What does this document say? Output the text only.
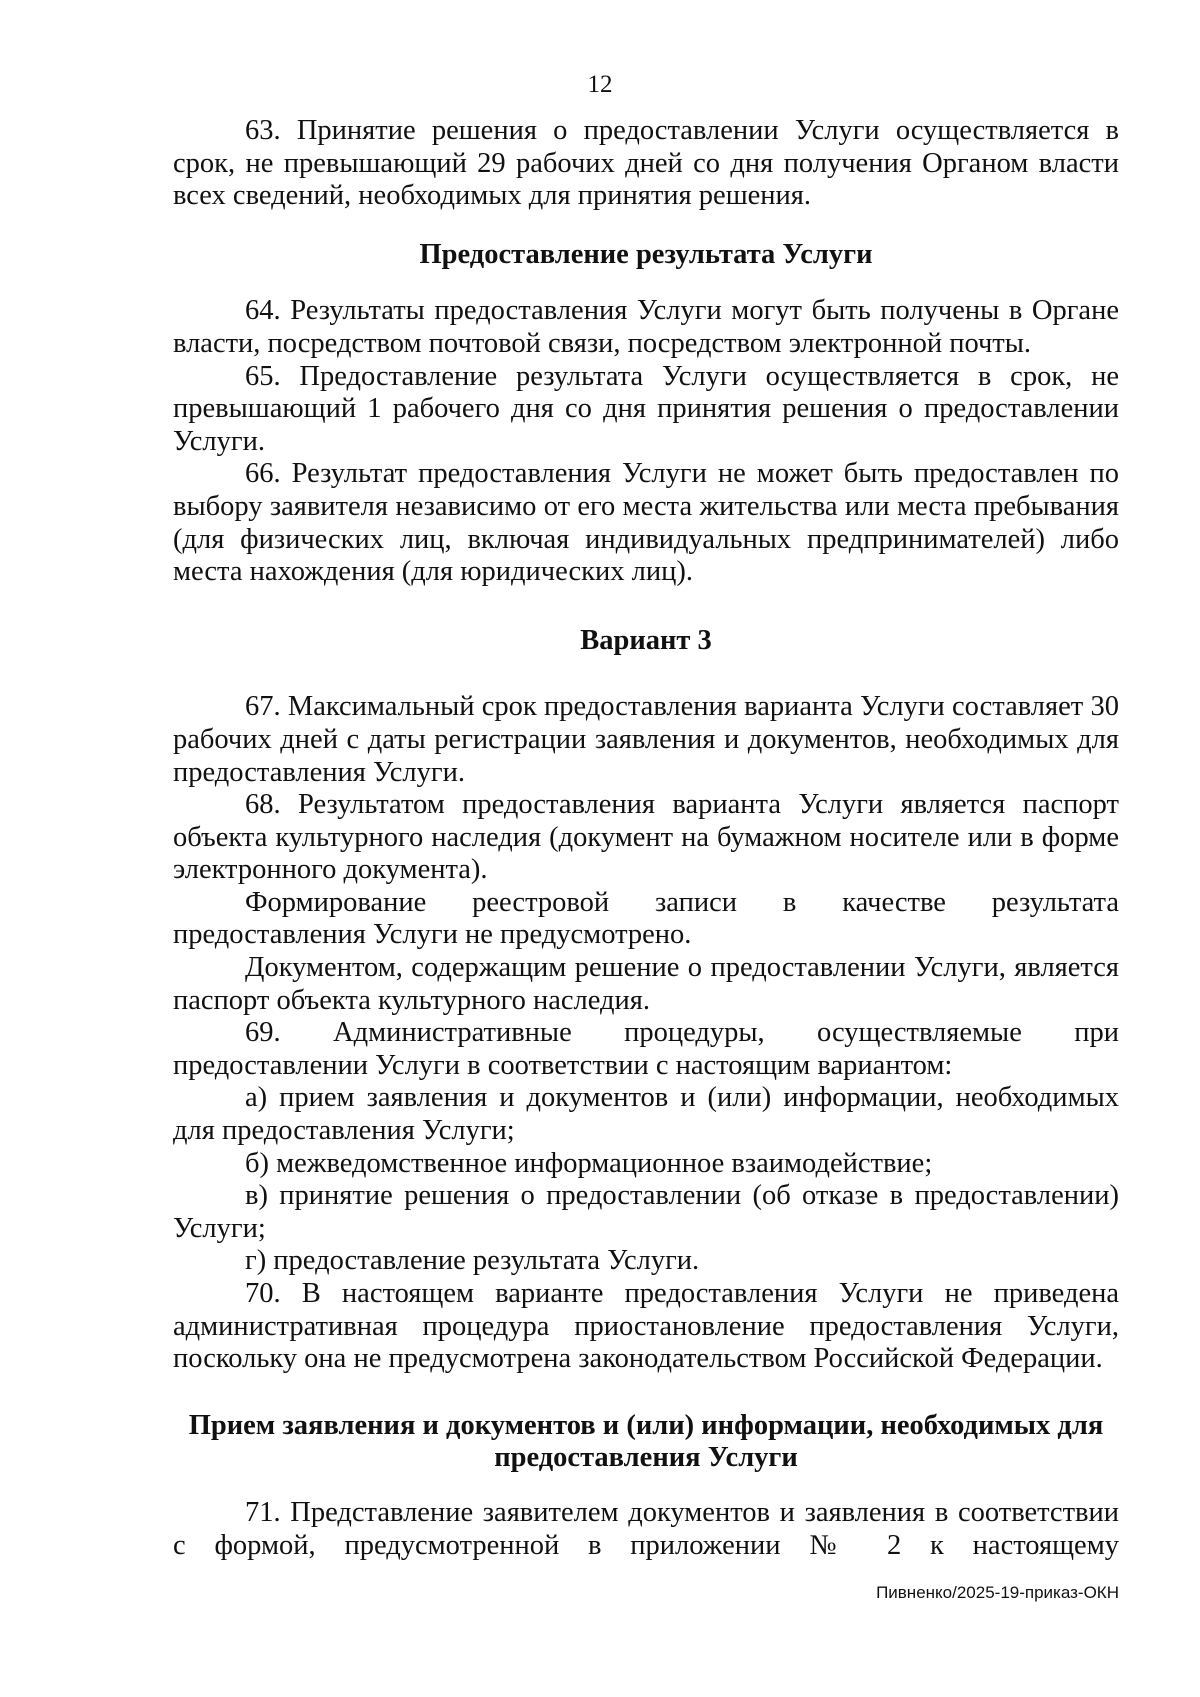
12

63. Принятие решения о предоставлении Услуги осуществляется в срок, не превышающий 29 рабочих дней со дня получения Органом власти всех сведений, необходимых для принятия решения.

Предоставление результата Услуги

64. Результаты предоставления Услуги могут быть получены в Органе власти, посредством почтовой связи, посредством электронной почты.

65. Предоставление результата Услуги осуществляется в срок, не превышающий 1 рабочего дня со дня принятия решения о предоставлении Услуги.

66. Результат предоставления Услуги не может быть предоставлен по выбору заявителя независимо от его места жительства или места пребывания (для физических лиц, включая индивидуальных предпринимателей) либо места нахождения (для юридических лиц).

Вариант 3

67. Максимальный срок предоставления варианта Услуги составляет 30 рабочих дней с даты регистрации заявления и документов, необходимых для предоставления Услуги.

68. Результатом предоставления варианта Услуги является паспорт объекта культурного наследия (документ на бумажном носителе или в форме электронного документа).

Формирование реестровой записи в качестве результата предоставления Услуги не предусмотрено.

Документом, содержащим решение о предоставлении Услуги, является паспорт объекта культурного наследия.

69. Административные процедуры, осуществляемые при предоставлении Услуги в соответствии с настоящим вариантом:

а) прием заявления и документов и (или) информации, необходимых для предоставления Услуги;

б) межведомственное информационное взаимодействие;

в) принятие решения о предоставлении (об отказе в предоставлении) Услуги;

г) предоставление результата Услуги.

70. В настоящем варианте предоставления Услуги не приведена административная процедура приостановление предоставления Услуги, поскольку она не предусмотрена законодательством Российской Федерации.

Прием заявления и документов и (или) информации, необходимых для

предоставления Услуги

71. Представление заявителем документов и заявления в соответствии с формой, предусмотренной в приложении № 2 к настоящему

Пивненко/2025-19-приказ-ОКН
